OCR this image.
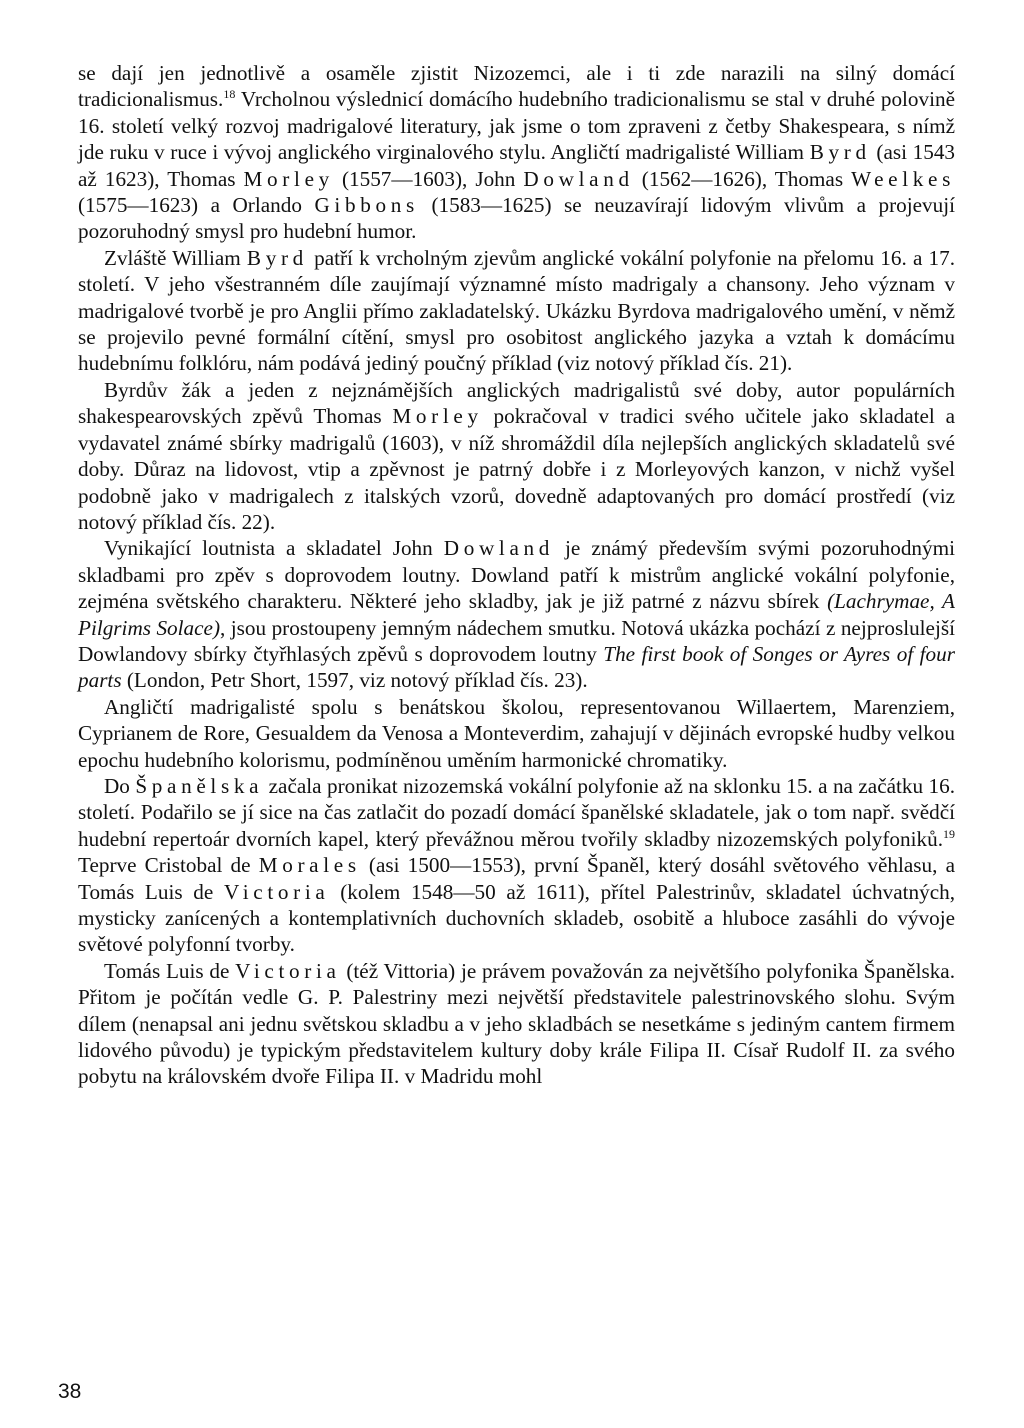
se dají jen jednotlivě a osaměle zjistit Nizozemci, ale i ti zde narazili na silný domácí tradicionalismus.$^{18}$ Vrcholnou výslednicí domácího hudebního tradicionalismu se stal v druhé polovině 16. století velký rozvoj madrigalové literatury, jak jsme o tom zpraveni z četby Shakespeara, s nímž jde ruku v ruce i vývoj anglického virginalového stylu. Angličtí madrigalisté William Byrd (asi 1543 až 1623), Thomas Morley (1557—1603), John Dowland (1562—1626), Thomas Weelkes (1575—1623) a Orlando Gibbons (1583—1625) se neuzavírají lidovým vlivům a projevují pozoruhodný smysl pro hudební humor.

Zvláště William Byrd patří k vrcholným zjevům anglické vokální polyfonie na přelomu 16. a 17. století. V jeho všestranném díle zaujímají významné místo madrigaly a chansony. Jeho význam v madrigalové tvorbě je pro Anglii přímo zakladatelský. Ukázku Byrdova madrigalového umění, v němž se projevilo pevné formální cítění, smysl pro osobitost anglického jazyka a vztah k domácímu hudebnímu folklóru, nám podává jediný poučný příklad (viz notový příklad čís. 21).

Byrdův žák a jeden z nejznámějších anglických madrigalistů své doby, autor populárních shakespearovských zpěvů Thomas Morley pokračoval v tradici svého učitele jako skladatel a vydavatel známé sbírky madrigalů (1603), v níž shromáždil díla nejlepších anglických skladatelů své doby. Důraz na lidovost, vtip a zpěvnost je patrný dobře i z Morleyových kanzon, v nichž vyšel podobně jako v madrigalech z italských vzorů, dovedně adaptovaných pro domácí prostředí (viz notový příklad čís. 22).

Vynikající loutnista a skladatel John Dowland je známý především svými pozoruhodnými skladbami pro zpěv s doprovodem loutny. Dowland patří k mistrům anglické vokální polyfonie, zejména světského charakteru. Některé jeho skladby, jak je již patrné z názvu sbírek (Lachrymae, A Pilgrims Solace), jsou prostoupeny jemným nádechem smutku. Notová ukázka pochází z nejproslulejší Dowlandovy sbírky čtyřhlasých zpěvů s doprovodem loutny The first book of Songes or Ayres of four parts (London, Petr Short, 1597, viz notový příklad čís. 23).

Angličtí madrigalisté spolu s benátskou školou, representovanou Willaertem, Marenziem, Cyprianem de Rore, Gesualdem da Venosa a Monteverdim, zahajují v dějinách evropské hudby velkou epochu hudebního kolorismu, podmíněnou uměním harmonické chromatiky.

Do Španělska začala pronikat nizozemská vokální polyfonie až na sklonku 15. a na začátku 16. století. Podařilo se jí sice na čas zatlačit do pozadí domácí španělské skladatele, jak o tom např. svědčí hudební repertoár dvorních kapel, který převážnou měrou tvořily skladby nizozemských polyfoniků.$^{19}$ Teprve Cristobal de Morales (asi 1500—1553), první Španěl, který dosáhl světového věhlasu, a Tomás Luis de Victoria (kolem 1548—50 až 1611), přítel Palestrinův, skladatel úchvatných, mysticky zanícených a kontemplativních duchovních skladeb, osobitě a hluboce zasáhli do vývoje světové polyfonní tvorby.

Tomás Luis de Victoria (též Vittoria) je právem považován za největšího polyfonika Španělska. Přitom je počítán vedle G. P. Palestriny mezi největší představitele palestrinovského slohu. Svým dílem (nenapsal ani jednu světskou skladbu a v jeho skladbách se nesetkáme s jediným cantem firmem lidového původu) je typickým představitelem kultury doby krále Filipa II. Císař Rudolf II. za svého pobytu na královském dvoře Filipa II. v Madridu mohl

38
